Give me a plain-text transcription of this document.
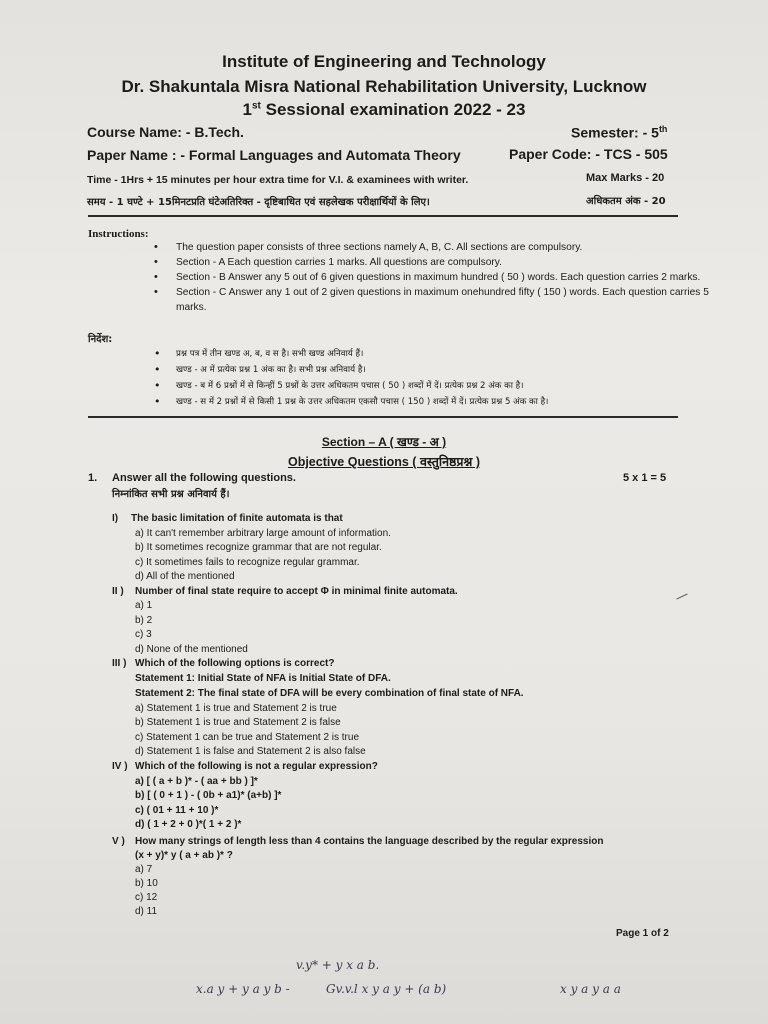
Institute of Engineering and Technology
Dr. Shakuntala Misra National Rehabilitation University, Lucknow
1st Sessional examination 2022 - 23
Course Name: - B.Tech.	Semester: - 5th
Paper Name : - Formal Languages and Automata Theory	Paper Code: - TCS - 505
Time - 1Hrs + 15 minutes per hour extra time for V.I. & examinees with writer.	Max Marks - 20
समय - 1 घण्टे + 15मिनटप्रति घंटेअतिरिक्त - दृष्टिबाधित एवं सहलेखक परीक्षार्थियों के लिए।	अधिकतम अंक - 20
Instructions:
• The question paper consists of three sections namely A, B, C. All sections are compulsory.
• Section - A Each question carries 1 marks. All questions are compulsory.
• Section - B Answer any 5 out of 6 given questions in maximum hundred ( 50 ) words. Each question carries 2 marks.
• Section - C Answer any 1 out of 2 given questions in maximum onehundred fifty ( 150 ) words. Each question carries 5 marks.
निर्देश:
• प्रश्न पत्र में तीन खण्ड अ, ब, व स है। सभी खण्ड अनिवार्य हैं।
• खण्ड - अ में प्रत्येक प्रश्न 1 अंक का है। सभी प्रश्न अनिवार्य है।
• खण्ड - ब में 6 प्रश्नों में से किन्हीं 5 प्रश्नों के उत्तर अधिकतम पचास ( 50 ) शब्दों में दें। प्रत्येक प्रश्न 2 अंक का है।
• खण्ड - स में 2 प्रश्नों में से किसी 1 प्रश्न के उत्तर अधिकतम एकसौ पचास ( 150 ) शब्दों में दें। प्रत्येक प्रश्न 5 अंक का है।
Section – A ( खण्ड - अ )
Objective Questions ( वस्तुनिष्ठप्रश्न )
1. Answer all the following questions.	5 x 1 = 5
निम्नांकित सभी प्रश्न अनिवार्य हैं।
I) The basic limitation of finite automata is that
a) It can't remember arbitrary large amount of information.
b) It sometimes recognize grammar that are not regular.
c) It sometimes fails to recognize regular grammar.
d) All of the mentioned
II ) Number of final state require to accept Φ in minimal finite automata.
a) 1
b) 2
c) 3
d) None of the mentioned
III ) Which of the following options is correct?
Statement 1: Initial State of NFA is Initial State of DFA.
Statement 2: The final state of DFA will be every combination of final state of NFA.
a) Statement 1 is true and Statement 2 is true
b) Statement 1 is true and Statement 2 is false
c) Statement 1 can be true and Statement 2 is true
d) Statement 1 is false and Statement 2 is also false
IV ) Which of the following is not a regular expression?
a) [ ( a + b )* - ( aa + bb ) ]*
b) [ ( 0 + 1 ) - ( 0b + a1)* (a+b) ]*
c) ( 01 + 11 + 10 )*
d) ( 1 + 2 + 0 )*( 1 + 2 )*
V ) How many strings of length less than 4 contains the language described by the regular expression
(x + y)* y ( a + ab )* ?
a) 7
b) 10
c) 12
d) 11
Page 1 of 2
v.y* + y x a b.
x.a y + y a y b -	Gv.v.l x y a y + (a b)	x y a y a a
